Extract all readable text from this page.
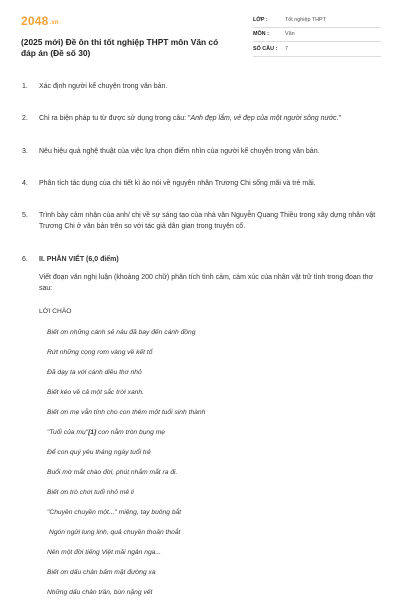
2048.vn
(2025 mới) Đề ôn thi tốt nghiệp THPT môn Văn có đáp án (Đề số 30)
LỚP :	Tốt nghiệp THPT
MÔN :	Văn
SỐ CÂU :	7
1.	Xác định người kể chuyện trong văn bản.
2.	Chỉ ra biện pháp tu từ được sử dụng trong câu: "Anh đẹp lắm, vẻ đẹp của một người sông nước."
3.	Nêu hiệu quả nghệ thuật của việc lựa chọn điểm nhìn của người kể chuyện trong văn bản.
4.	Phân tích tác dụng của chi tiết kì ảo nói về nguyên nhân Trương Chi sống mãi và trẻ mãi.
5.	Trình bày cảm nhận của anh/ chị về sự sáng tạo của nhà văn Nguyễn Quang Thiều trong xây dựng nhân vật Trương Chi ở văn bản trên so với tác giả dân gian trong truyện cổ.
6.	II. PHẦN VIẾT (6,0 điểm)
Viết đoạn văn nghị luận (khoảng 200 chữ) phân tích tình cảm, cảm xúc của nhân vật trữ tình trong đoạn thơ sau:
LỜI CHÀO
Biết ơn những cánh sẻ nâu đã bay đến cánh đồng
Rứt những cọng rơm vàng về kết tổ
Đã dạy ta với cánh diều thơ nhỏ
Biết kéo về cả một sắc trời xanh.
Biết ơn mẹ vẫn tính cho con thêm một tuổi sinh thành
"Tuổi của mụ"[1] con nằm tròn bụng mẹ
Để con quý yêu tháng ngày tuổi trẻ
Buổi mờ mắt chào đời, phút nhắm mắt ra đi.
Biết ơn trò chơi tuổi nhỏ mê li
"Chuyền chuyền một..." miệng, tay buông bắt
Ngón ngửi lung linh, quả chuyền thoăn thoắt
Nên một đời tiếng Việt mãi ngân nga...
Biết ơn dấu chân bấm mặt đường xa
Những dấu chân trần, bùn nặng vết
